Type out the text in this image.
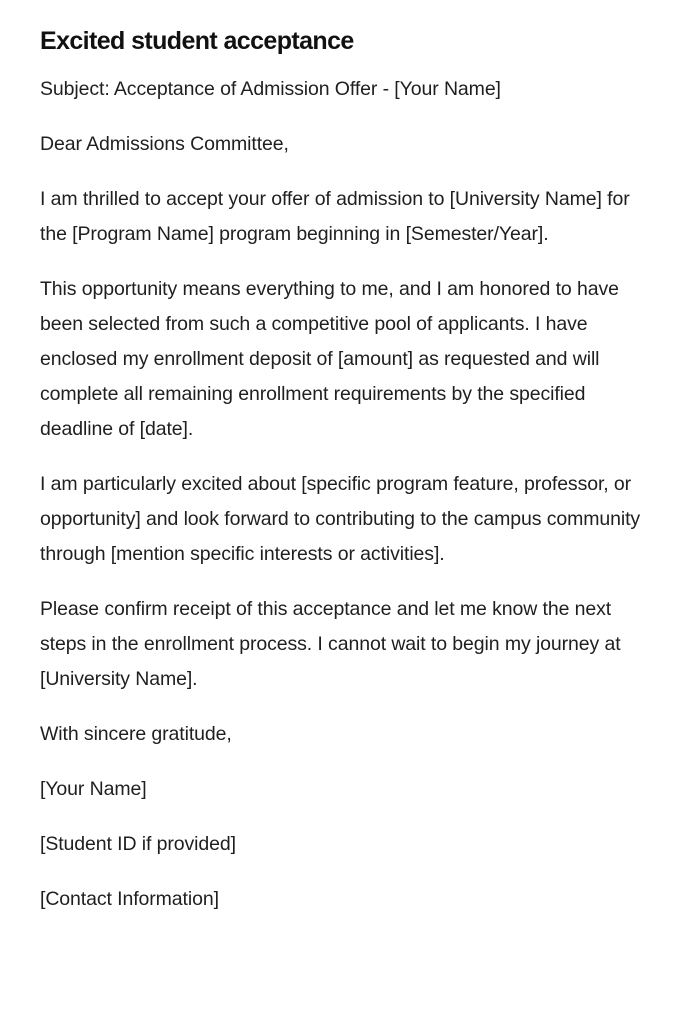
Excited student acceptance

Subject: Acceptance of Admission Offer - [Your Name]

Dear Admissions Committee,

I am thrilled to accept your offer of admission to [University Name] for the [Program Name] program beginning in [Semester/Year].

This opportunity means everything to me, and I am honored to have been selected from such a competitive pool of applicants. I have enclosed my enrollment deposit of [amount] as requested and will complete all remaining enrollment requirements by the specified deadline of [date].

I am particularly excited about [specific program feature, professor, or opportunity] and look forward to contributing to the campus community through [mention specific interests or activities].

Please confirm receipt of this acceptance and let me know the next steps in the enrollment process. I cannot wait to begin my journey at [University Name].

With sincere gratitude,

[Your Name]

[Student ID if provided]

[Contact Information]
